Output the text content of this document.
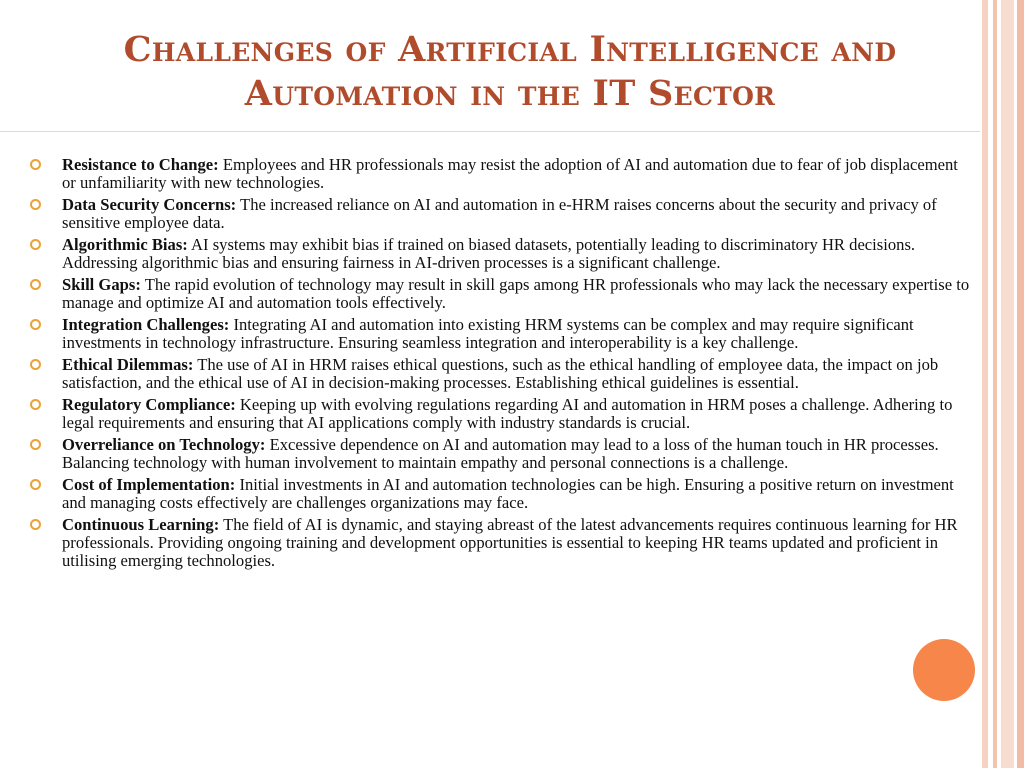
Challenges of Artificial Intelligence and
Automation in the IT Sector
Resistance to Change: Employees and HR professionals may resist the adoption of AI and automation due to fear of job displacement or unfamiliarity with new technologies.
Data Security Concerns: The increased reliance on AI and automation in e-HRM raises concerns about the security and privacy of sensitive employee data.
Algorithmic Bias: AI systems may exhibit bias if trained on biased datasets, potentially leading to discriminatory HR decisions. Addressing algorithmic bias and ensuring fairness in AI-driven processes is a significant challenge.
Skill Gaps: The rapid evolution of technology may result in skill gaps among HR professionals who may lack the necessary expertise to manage and optimize AI and automation tools effectively.
Integration Challenges: Integrating AI and automation into existing HRM systems can be complex and may require significant investments in technology infrastructure. Ensuring seamless integration and interoperability is a key challenge.
Ethical Dilemmas: The use of AI in HRM raises ethical questions, such as the ethical handling of employee data, the impact on job satisfaction, and the ethical use of AI in decision-making processes. Establishing ethical guidelines is essential.
Regulatory Compliance: Keeping up with evolving regulations regarding AI and automation in HRM poses a challenge. Adhering to legal requirements and ensuring that AI applications comply with industry standards is crucial.
Overreliance on Technology: Excessive dependence on AI and automation may lead to a loss of the human touch in HR processes. Balancing technology with human involvement to maintain empathy and personal connections is a challenge.
Cost of Implementation: Initial investments in AI and automation technologies can be high. Ensuring a positive return on investment and managing costs effectively are challenges organizations may face.
Continuous Learning: The field of AI is dynamic, and staying abreast of the latest advancements requires continuous learning for HR professionals. Providing ongoing training and development opportunities is essential to keeping HR teams updated and proficient in utilising emerging technologies.
